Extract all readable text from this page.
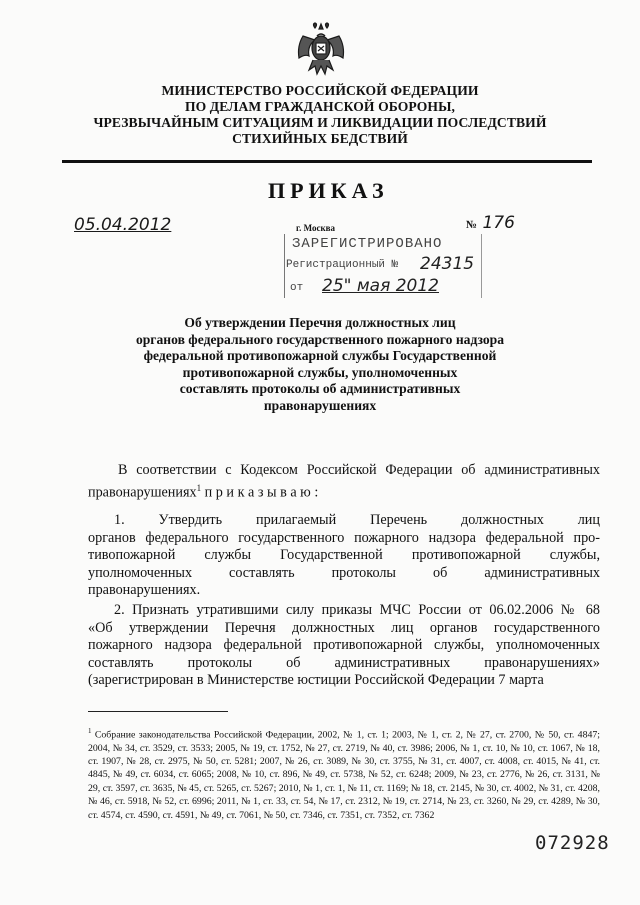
МИНИСТЕРСТВО РОССИЙСКОЙ ФЕДЕРАЦИИ
ПО ДЕЛАМ ГРАЖДАНСКОЙ ОБОРОНЫ,
ЧРЕЗВЫЧАЙНЫМ СИТУАЦИЯМ И ЛИКВИДАЦИИ ПОСЛЕДСТВИЙ
СТИХИЙНЫХ БЕДСТВИЙ
ПРИКАЗ
05.04.2012	г. Москва	№ 176
ЗАРЕГИСТРИРОВАНО
Регистрационный № 24315
от 25" мая 2012
Об утверждении Перечня должностных лиц
органов федерального государственного пожарного надзора
федеральной противопожарной службы Государственной
противопожарной службы, уполномоченных
составлять протоколы об административных
правонарушениях

В соответствии с Кодексом Российской Федерации об административных

правонарушениях$^1$ п р и к а з ы в а ю :

1. Утвердить прилагаемый Перечень должностных лиц

органов федерального государственного пожарного надзора федеральной про-

тивопожарной службы Государственной противопожарной службы,

уполномоченных составлять протоколы об административных

правонарушениях.

2. Признать утратившими силу приказы МЧС России от 06.02.2006 № 68

«Об утверждении Перечня должностных лиц органов государственного

пожарного надзора федеральной противопожарной службы, уполномоченных

составлять протоколы об административных правонарушениях»

(зарегистрирован в Министерстве юстиции Российской Федерации 7 марта

$^1$ Собрание законодательства Российской Федерации, 2002, № 1, ст. 1; 2003, № 1, ст. 2, № 27, ст. 2700, № 50, ст. 4847; 2004, № 34, ст. 3529, ст. 3533; 2005, № 19, ст. 1752, № 27, ст. 2719, № 40, ст. 3986; 2006, № 1, ст. 10, № 10, ст. 1067, № 18, ст. 1907, № 28, ст. 2975, № 50, ст. 5281; 2007, № 26, ст. 3089, № 30, ст. 3755, № 31, ст. 4007, ст. 4008, ст. 4015, № 41, ст. 4845, № 49, ст. 6034, ст. 6065; 2008, № 10, ст. 896, № 49, ст. 5738, № 52, ст. 6248; 2009, № 23, ст. 2776, № 26, ст. 3131, № 29, ст. 3597, ст. 3635, № 45, ст. 5265, ст. 5267; 2010, № 1, ст. 1, № 11, ст. 1169; № 18, ст. 2145, № 30, ст. 4002, № 31, ст. 4208, № 46, ст. 5918, № 52, ст. 6996; 2011, № 1, ст. 33, ст. 54, № 17, ст. 2312, № 19, ст. 2714, № 23, ст. 3260, № 29, ст. 4289, № 30, ст. 4574, ст. 4590, ст. 4591, № 49, ст. 7061, № 50, ст. 7346, ст. 7351, ст. 7352, ст. 7362
072928
